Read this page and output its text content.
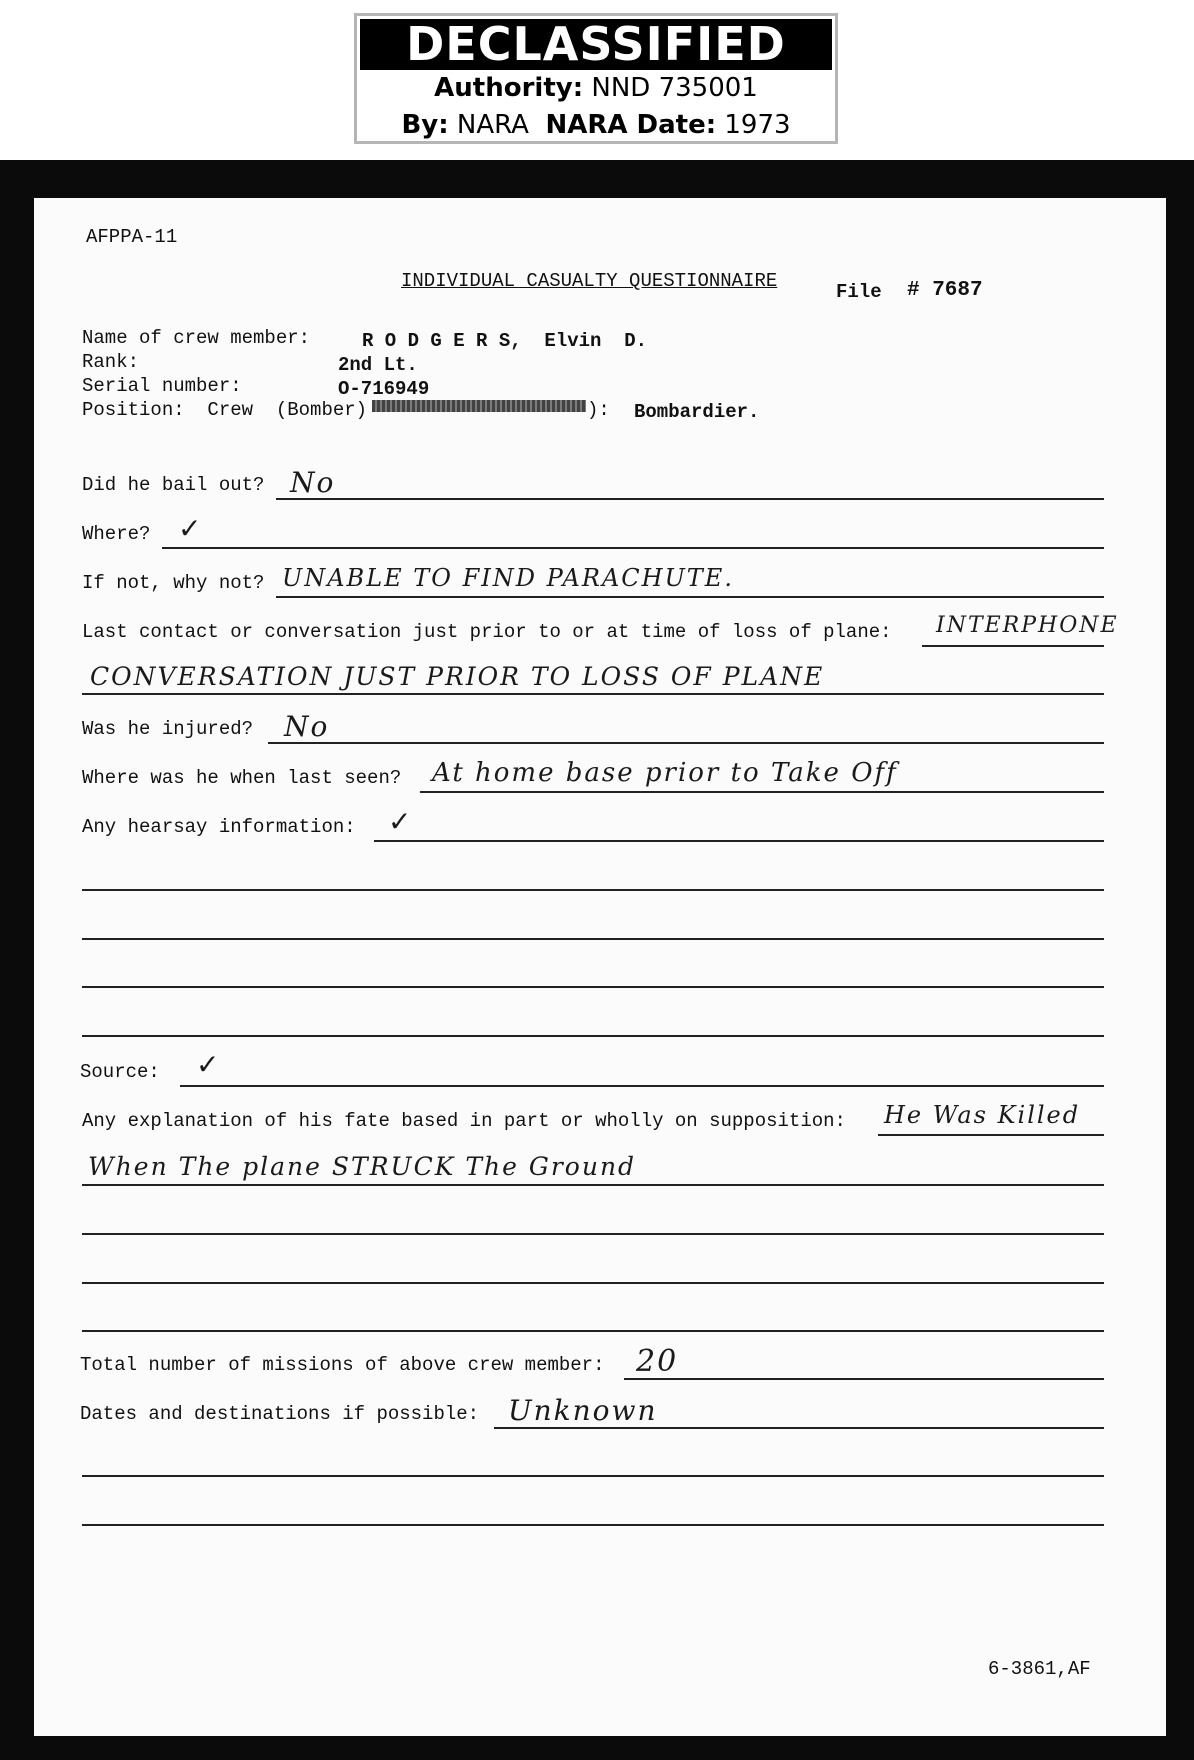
DECLASSIFIED
Authority: NND 735001
By: NARA NARA Date: 1973
AFPPA-11
INDIVIDUAL CASUALTY QUESTIONNAIRE	File # 7687
Name of crew member:	R O D G E R S,  Elvin  D.
Rank:	2nd Lt.
Serial number:	O-716949
Position:  Crew  (Bomber)	): Bombardier.
Did he bail out? No
Where? ✓
If not, why not? UNABLE TO FIND PARACHUTE.
Last contact or conversation just prior to or at time of loss of plane: INTERPHONE
CONVERSATION JUST PRIOR TO LOSS OF PLANE
Was he injured? No
Where was he when last seen? At home base prior to Take Off
Any hearsay information: ✓
Source: ✓
Any explanation of his fate based in part or wholly on supposition: He Was Killed
When The plane STRUCK The Ground
Total number of missions of above crew member: 20
Dates and destinations if possible: Unknown
6-3861,AF
